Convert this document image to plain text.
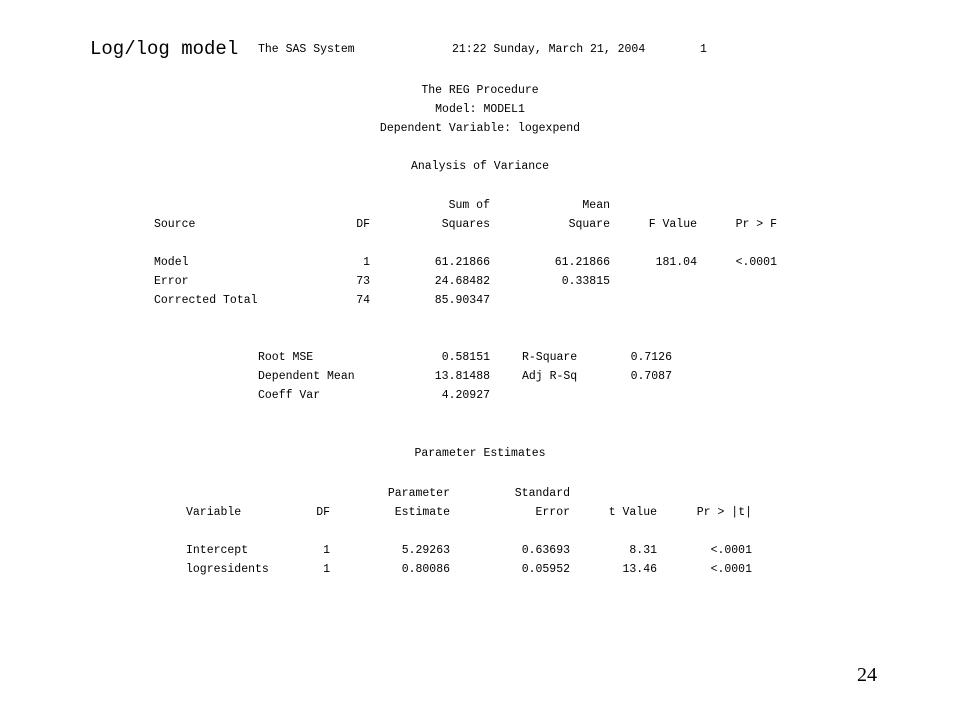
Log/log model The SAS System	21:22 Sunday, March 21, 2004	1
The REG Procedure
Model: MODEL1
Dependent Variable: logexpend
Analysis of Variance
Sum of	Mean
Source	DF	Squares	Square	F Value	Pr > F
Model	1	61.21866	61.21866	181.04	<.0001
Error	73	24.68482	0.33815
Corrected Total	74	85.90347
Root MSE	0.58151	R-Square	0.7126
Dependent Mean	13.81488	Adj R-Sq	0.7087
Coeff Var	4.20927
Parameter Estimates
Parameter	Standard
Variable	DF	Estimate	Error	t Value	Pr > |t|
Intercept	1	5.29263	0.63693	8.31	<.0001
logresidents	1	0.80086	0.05952	13.46	<.0001
24
